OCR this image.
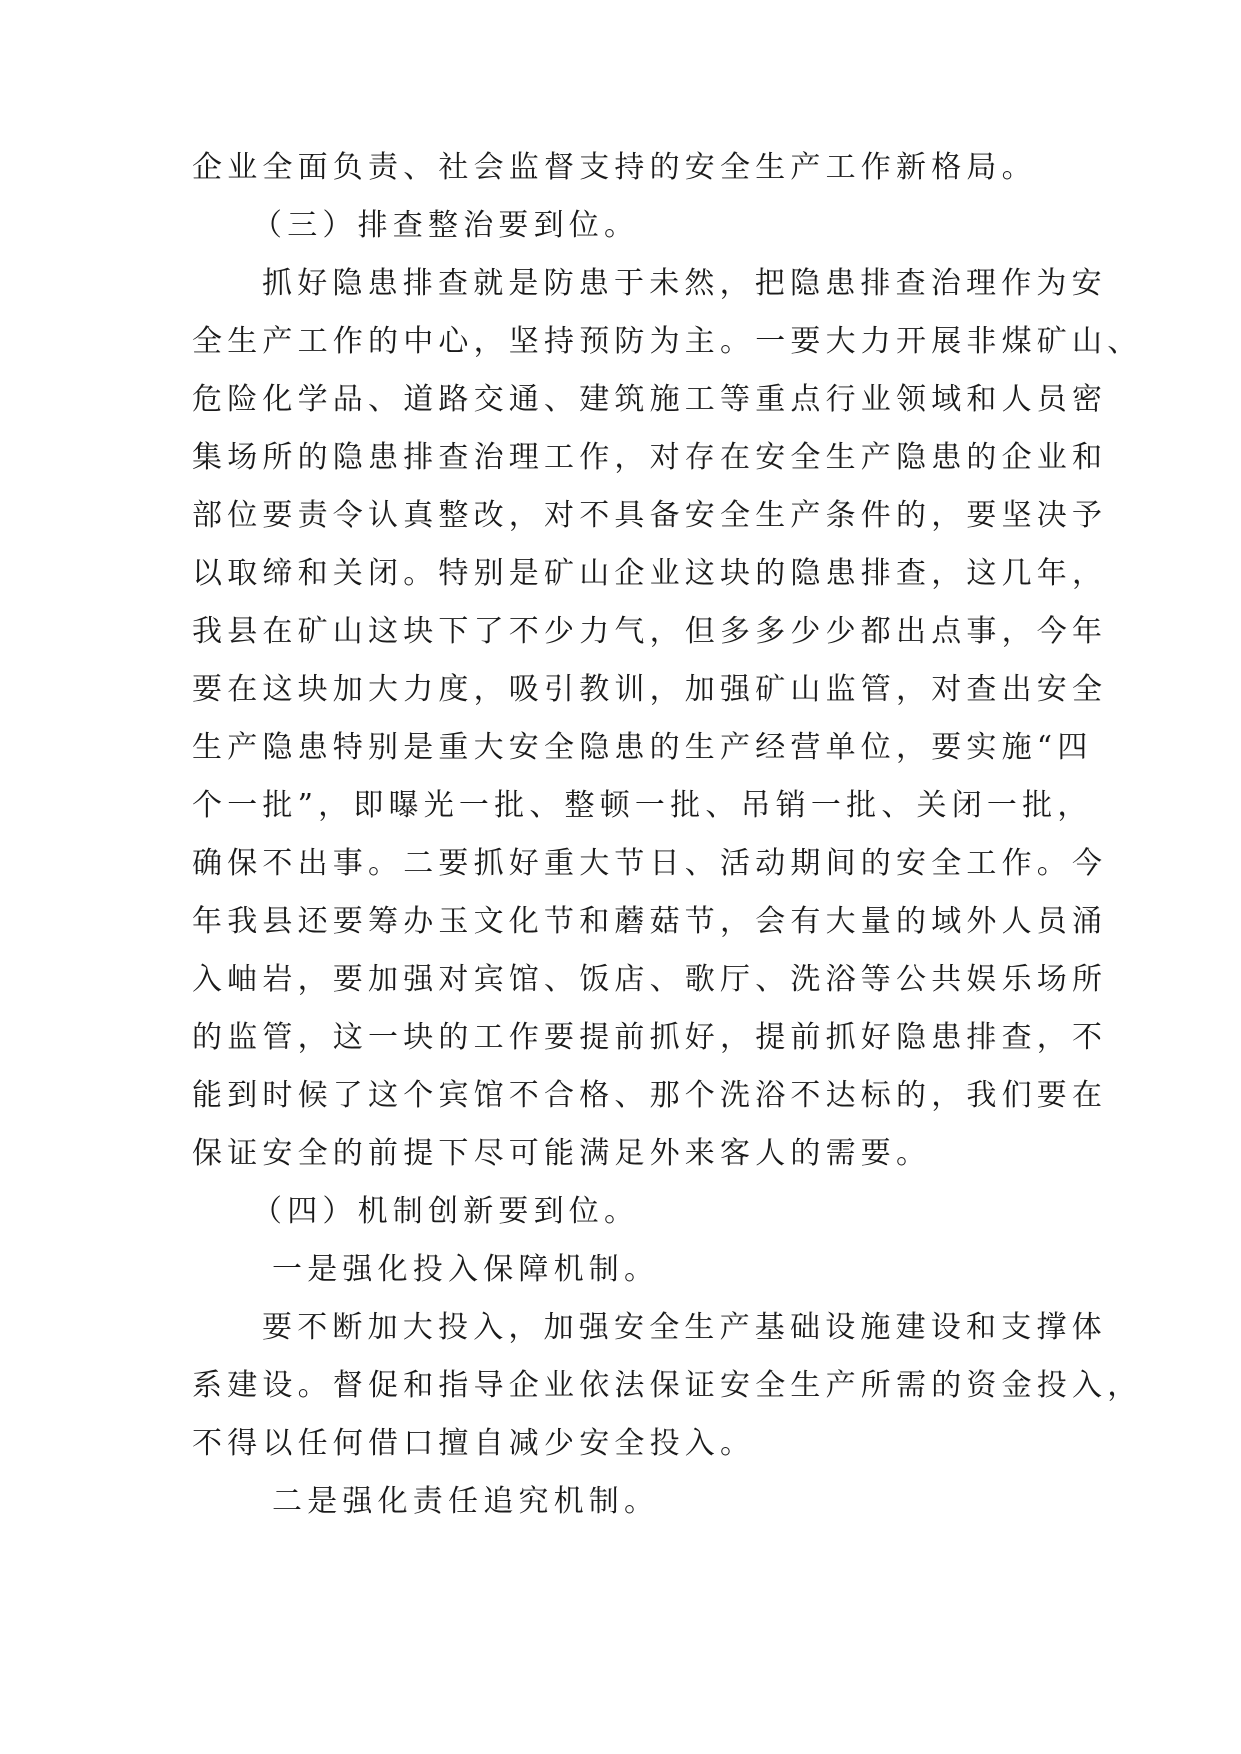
企业全面负责、社会监督支持的安全生产工作新格局。
（三）排查整治要到位。
抓好隐患排查就是防患于未然，把隐患排查治理作为安
全生产工作的中心，坚持预防为主。一要大力开展非煤矿山、
危险化学品、道路交通、建筑施工等重点行业领域和人员密
集场所的隐患排查治理工作，对存在安全生产隐患的企业和
部位要责令认真整改，对不具备安全生产条件的，要坚决予
以取缔和关闭。特别是矿山企业这块的隐患排查，这几年，
我县在矿山这块下了不少力气，但多多少少都出点事，今年
要在这块加大力度，吸引教训，加强矿山监管，对查出安全
生产隐患特别是重大安全隐患的生产经营单位，要实施“四
个一批”，即曝光一批、整顿一批、吊销一批、关闭一批，
确保不出事。二要抓好重大节日、活动期间的安全工作。今
年我县还要筹办玉文化节和蘑菇节，会有大量的域外人员涌
入岫岩，要加强对宾馆、饭店、歌厅、洗浴等公共娱乐场所
的监管，这一块的工作要提前抓好，提前抓好隐患排查，不
能到时候了这个宾馆不合格、那个洗浴不达标的，我们要在
保证安全的前提下尽可能满足外来客人的需要。
（四）机制创新要到位。
一是强化投入保障机制。
要不断加大投入，加强安全生产基础设施建设和支撑体
系建设。督促和指导企业依法保证安全生产所需的资金投入，
不得以任何借口擅自减少安全投入。
二是强化责任追究机制。
